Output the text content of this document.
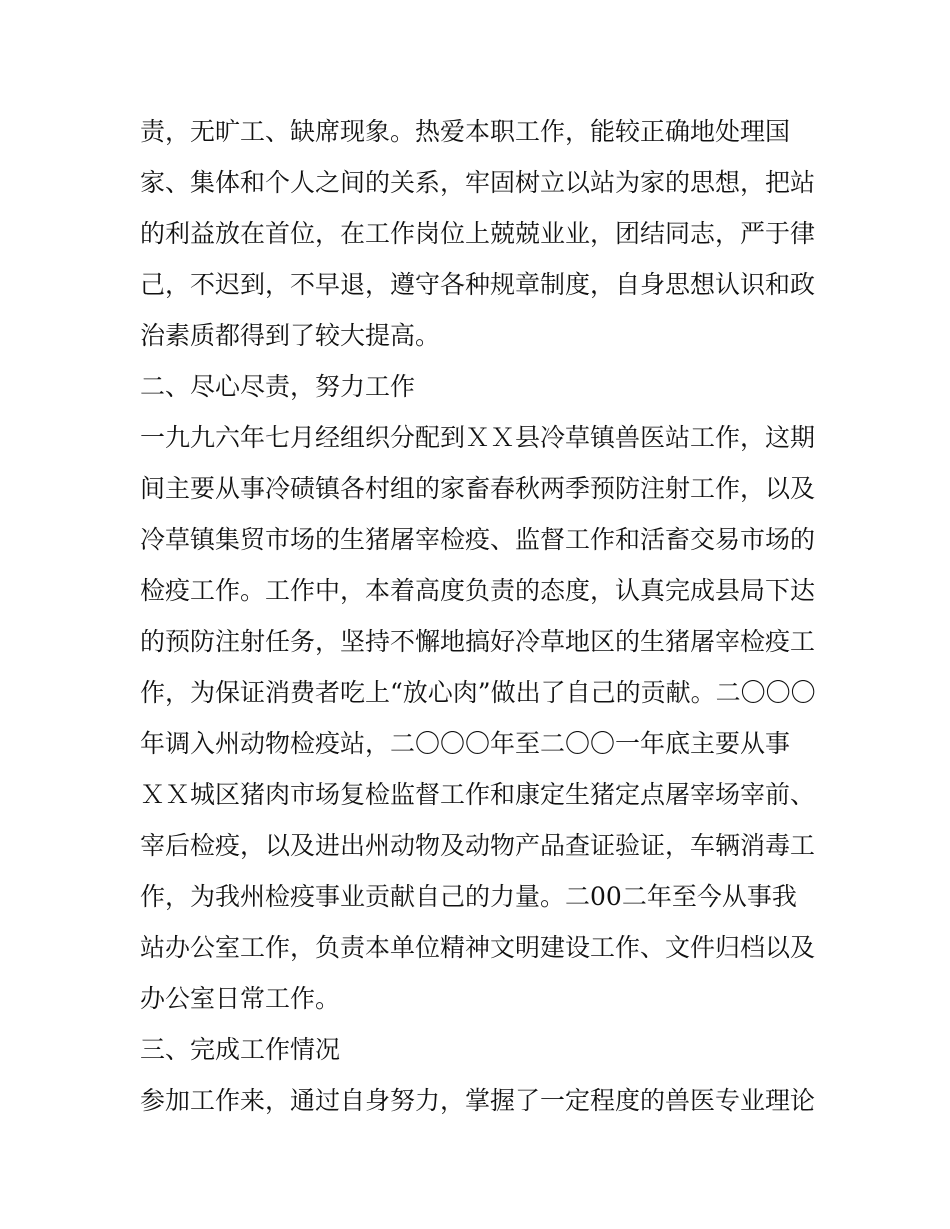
责，无旷工、缺席现象。热爱本职工作，能较正确地处理国
家、集体和个人之间的关系，牢固树立以站为家的思想，把站
的利益放在首位，在工作岗位上兢兢业业，团结同志，严于律
己，不迟到，不早退，遵守各种规章制度，自身思想认识和政
治素质都得到了较大提高。
二、尽心尽责，努力工作
一九九六年七月经组织分配到ＸＸ县冷草镇兽医站工作，这期
间主要从事冷碛镇各村组的家畜春秋两季预防注射工作，以及
冷草镇集贸市场的生猪屠宰检疫、监督工作和活畜交易市场的
检疫工作。工作中，本着高度负责的态度，认真完成县局下达
的预防注射任务，坚持不懈地搞好冷草地区的生猪屠宰检疫工
作，为保证消费者吃上“放心肉”做出了自己的贡献。二〇〇〇
年调入州动物检疫站，二〇〇〇年至二〇〇一年底主要从事
ＸＸ城区猪肉市场复检监督工作和康定生猪定点屠宰场宰前、
宰后检疫，以及进出州动物及动物产品查证验证，车辆消毒工
作，为我州检疫事业贡献自己的力量。二00二年至今从事我
站办公室工作，负责本单位精神文明建设工作、文件归档以及
办公室日常工作。
三、完成工作情况
参加工作来，通过自身努力，掌握了一定程度的兽医专业理论
